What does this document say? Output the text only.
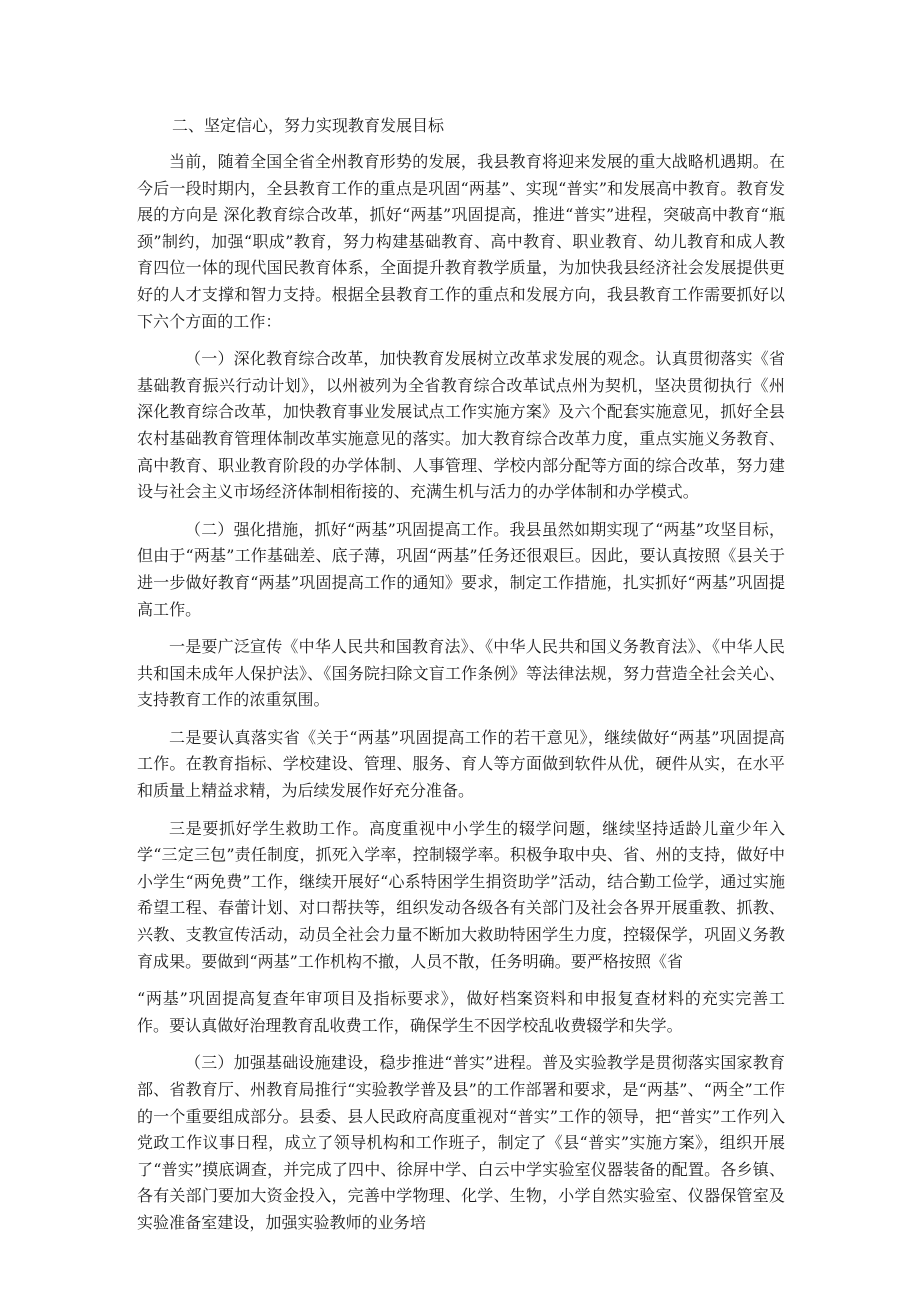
二、坚定信心，努力实现教育发展目标

当前，随着全国全省全州教育形势的发展，我县教育将迎来发展的重大战略机遇期。在今后一段时期内，全县教育工作的重点是巩固“两基”、实现“普实”和发展高中教育。教育发展的方向是 深化教育综合改革，抓好“两基”巩固提高，推进“普实”进程，突破高中教育“瓶颈”制约，加强“职成”教育，努力构建基础教育、高中教育、职业教育、幼儿教育和成人教育四位一体的现代国民教育体系，全面提升教育教学质量，为加快我县经济社会发展提供更好的人才支撑和智力支持。根据全县教育工作的重点和发展方向，我县教育工作需要抓好以下六个方面的工作：

（一）深化教育综合改革，加快教育发展树立改革求发展的观念。认真贯彻落实《省基础教育振兴行动计划》，以州被列为全省教育综合改革试点州为契机，坚决贯彻执行《州深化教育综合改革，加快教育事业发展试点工作实施方案》及六个配套实施意见，抓好全县农村基础教育管理体制改革实施意见的落实。加大教育综合改革力度，重点实施义务教育、高中教育、职业教育阶段的办学体制、人事管理、学校内部分配等方面的综合改革，努力建设与社会主义市场经济体制相衔接的、充满生机与活力的办学体制和办学模式。

（二）强化措施，抓好“两基”巩固提高工作。我县虽然如期实现了“两基”攻坚目标，但由于“两基”工作基础差、底子薄，巩固“两基”任务还很艰巨。因此，要认真按照《县关于进一步做好教育“两基”巩固提高工作的通知》要求，制定工作措施，扎实抓好“两基”巩固提高工作。

一是要广泛宣传《中华人民共和国教育法》、《中华人民共和国义务教育法》、《中华人民共和国未成年人保护法》、《国务院扫除文盲工作条例》等法律法规，努力营造全社会关心、支持教育工作的浓重氛围。

二是要认真落实省《关于“两基”巩固提高工作的若干意见》，继续做好“两基”巩固提高工作。在教育指标、学校建设、管理、服务、育人等方面做到软件从优，硬件从实，在水平和质量上精益求精，为后续发展作好充分准备。

三是要抓好学生救助工作。高度重视中小学生的辍学问题，继续坚持适龄儿童少年入学“三定三包”责任制度，抓死入学率，控制辍学率。积极争取中央、省、州的支持，做好中小学生“两免费”工作，继续开展好“心系特困学生捐资助学”活动，结合勤工俭学，通过实施希望工程、春蕾计划、对口帮扶等，组织发动各级各有关部门及社会各界开展重教、抓教、兴教、支教宣传活动，动员全社会力量不断加大救助特困学生力度，控辍保学，巩固义务教育成果。要做到“两基”工作机构不撤，人员不散，任务明确。要严格按照《省

“两基”巩固提高复查年审项目及指标要求》，做好档案资料和申报复查材料的充实完善工作。要认真做好治理教育乱收费工作，确保学生不因学校乱收费辍学和失学。

（三）加强基础设施建设，稳步推进“普实”进程。普及实验教学是贯彻落实国家教育部、省教育厅、州教育局推行“实验教学普及县”的工作部署和要求，是“两基”、“两全”工作的一个重要组成部分。县委、县人民政府高度重视对“普实”工作的领导，把“普实”工作列入党政工作议事日程，成立了领导机构和工作班子，制定了《县“普实”实施方案》，组织开展了“普实”摸底调查，并完成了四中、徐屏中学、白云中学实验室仪器装备的配置。各乡镇、各有关部门要加大资金投入，完善中学物理、化学、生物，小学自然实验室、仪器保管室及实验准备室建设，加强实验教师的业务培
